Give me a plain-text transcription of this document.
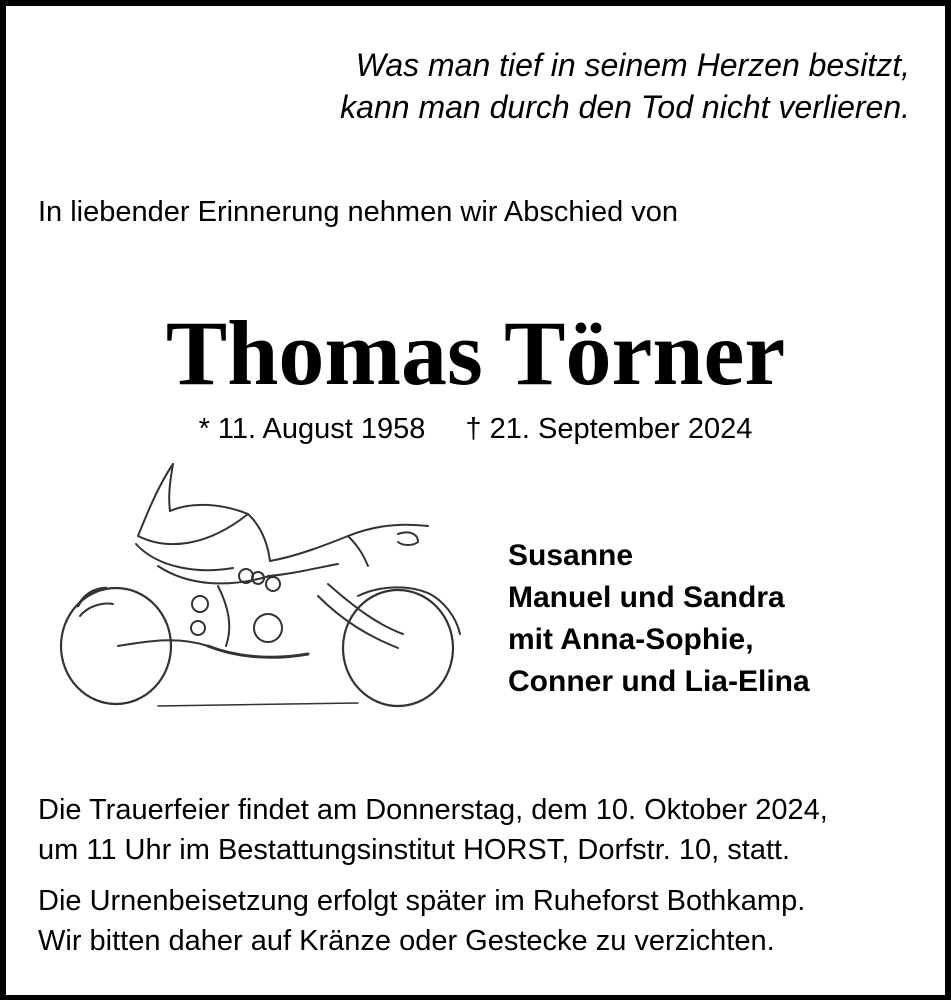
Was man tief in seinem Herzen besitzt,
kann man durch den Tod nicht verlieren.
In liebender Erinnerung nehmen wir Abschied von
Thomas Törner
* 11. August 1958 † 21. September 2024
Susanne
Manuel und Sandra
mit Anna-Sophie,
Conner und Lia-Elina

Die Trauerfeier findet am Donnerstag, dem 10. Oktober 2024,
um 11 Uhr im Bestattungsinstitut HORST, Dorfstr. 10, statt.

Die Urnenbeisetzung erfolgt später im Ruheforst Bothkamp.
Wir bitten daher auf Kränze oder Gestecke zu verzichten.
